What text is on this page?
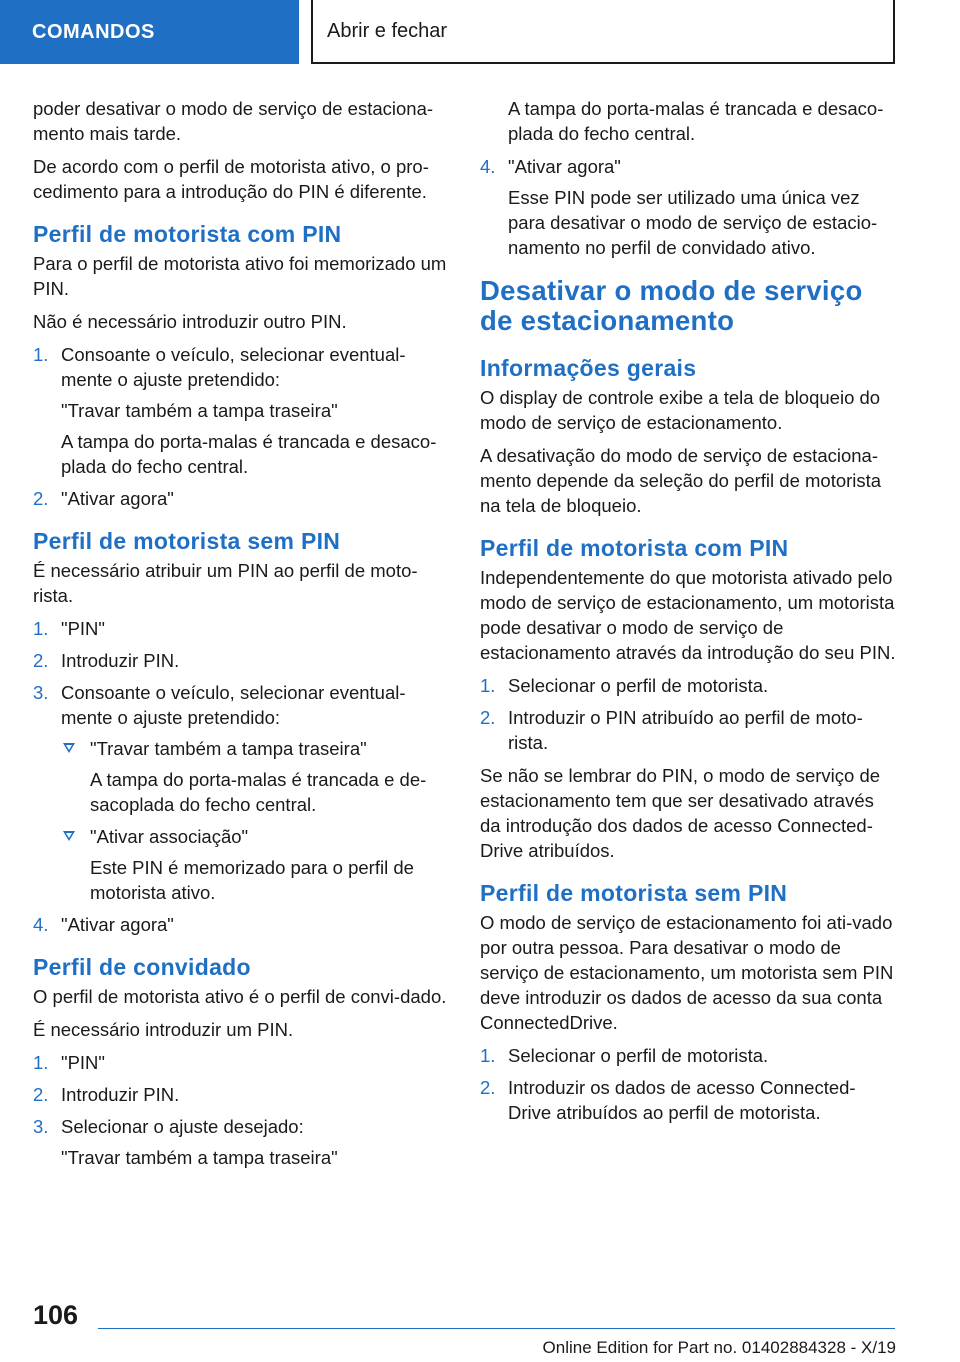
COMANDOS	Abrir e fechar

poder desativar o modo de serviço de estaciona-mento mais tarde.

De acordo com o perfil de motorista ativo, o pro-cedimento para a introdução do PIN é diferente.

Perfil de motorista com PIN

Para o perfil de motorista ativo foi memorizado um PIN.

Não é necessário introduzir outro PIN.

1. Consoante o veículo, selecionar eventual-mente o ajuste pretendido:
"Travar também a tampa traseira"
A tampa do porta-malas é trancada e desaco-plada do fecho central.
2. "Ativar agora"
Perfil de motorista sem PIN

É necessário atribuir um PIN ao perfil de moto-rista.

1. "PIN"
2. Introduzir PIN.
3. Consoante o veículo, selecionar eventual-mente o ajuste pretendido:
"Travar também a tampa traseira"
A tampa do porta-malas é trancada e de-sacoplada do fecho central.
"Ativar associação"
Este PIN é memorizado para o perfil de motorista ativo.
4. "Ativar agora"
Perfil de convidado

O perfil de motorista ativo é o perfil de convi-dado.

É necessário introduzir um PIN.

1. "PIN"
2. Introduzir PIN.
3. Selecionar o ajuste desejado:
"Travar também a tampa traseira"

A tampa do porta-malas é trancada e desaco-plada do fecho central.

4. "Ativar agora"
Esse PIN pode ser utilizado uma única vez para desativar o modo de serviço de estacio-namento no perfil de convidado ativo.
Desativar o modo de serviço de estacionamento
Informações gerais

O display de controle exibe a tela de bloqueio do modo de serviço de estacionamento.

A desativação do modo de serviço de estaciona-mento depende da seleção do perfil de motorista na tela de bloqueio.

Perfil de motorista com PIN

Independentemente do que motorista ativado pelo modo de serviço de estacionamento, um motorista pode desativar o modo de serviço de estacionamento através da introdução do seu PIN.

1. Selecionar o perfil de motorista.
2. Introduzir o PIN atribuído ao perfil de moto-rista.

Se não se lembrar do PIN, o modo de serviço de estacionamento tem que ser desativado através da introdução dos dados de acesso Connected-Drive atribuídos.

Perfil de motorista sem PIN

O modo de serviço de estacionamento foi ati-vado por outra pessoa. Para desativar o modo de serviço de estacionamento, um motorista sem PIN deve introduzir os dados de acesso da sua conta ConnectedDrive.

1. Selecionar o perfil de motorista.
2. Introduzir os dados de acesso Connected-Drive atribuídos ao perfil de motorista.
106
Online Edition for Part no. 01402884328 - X/19
